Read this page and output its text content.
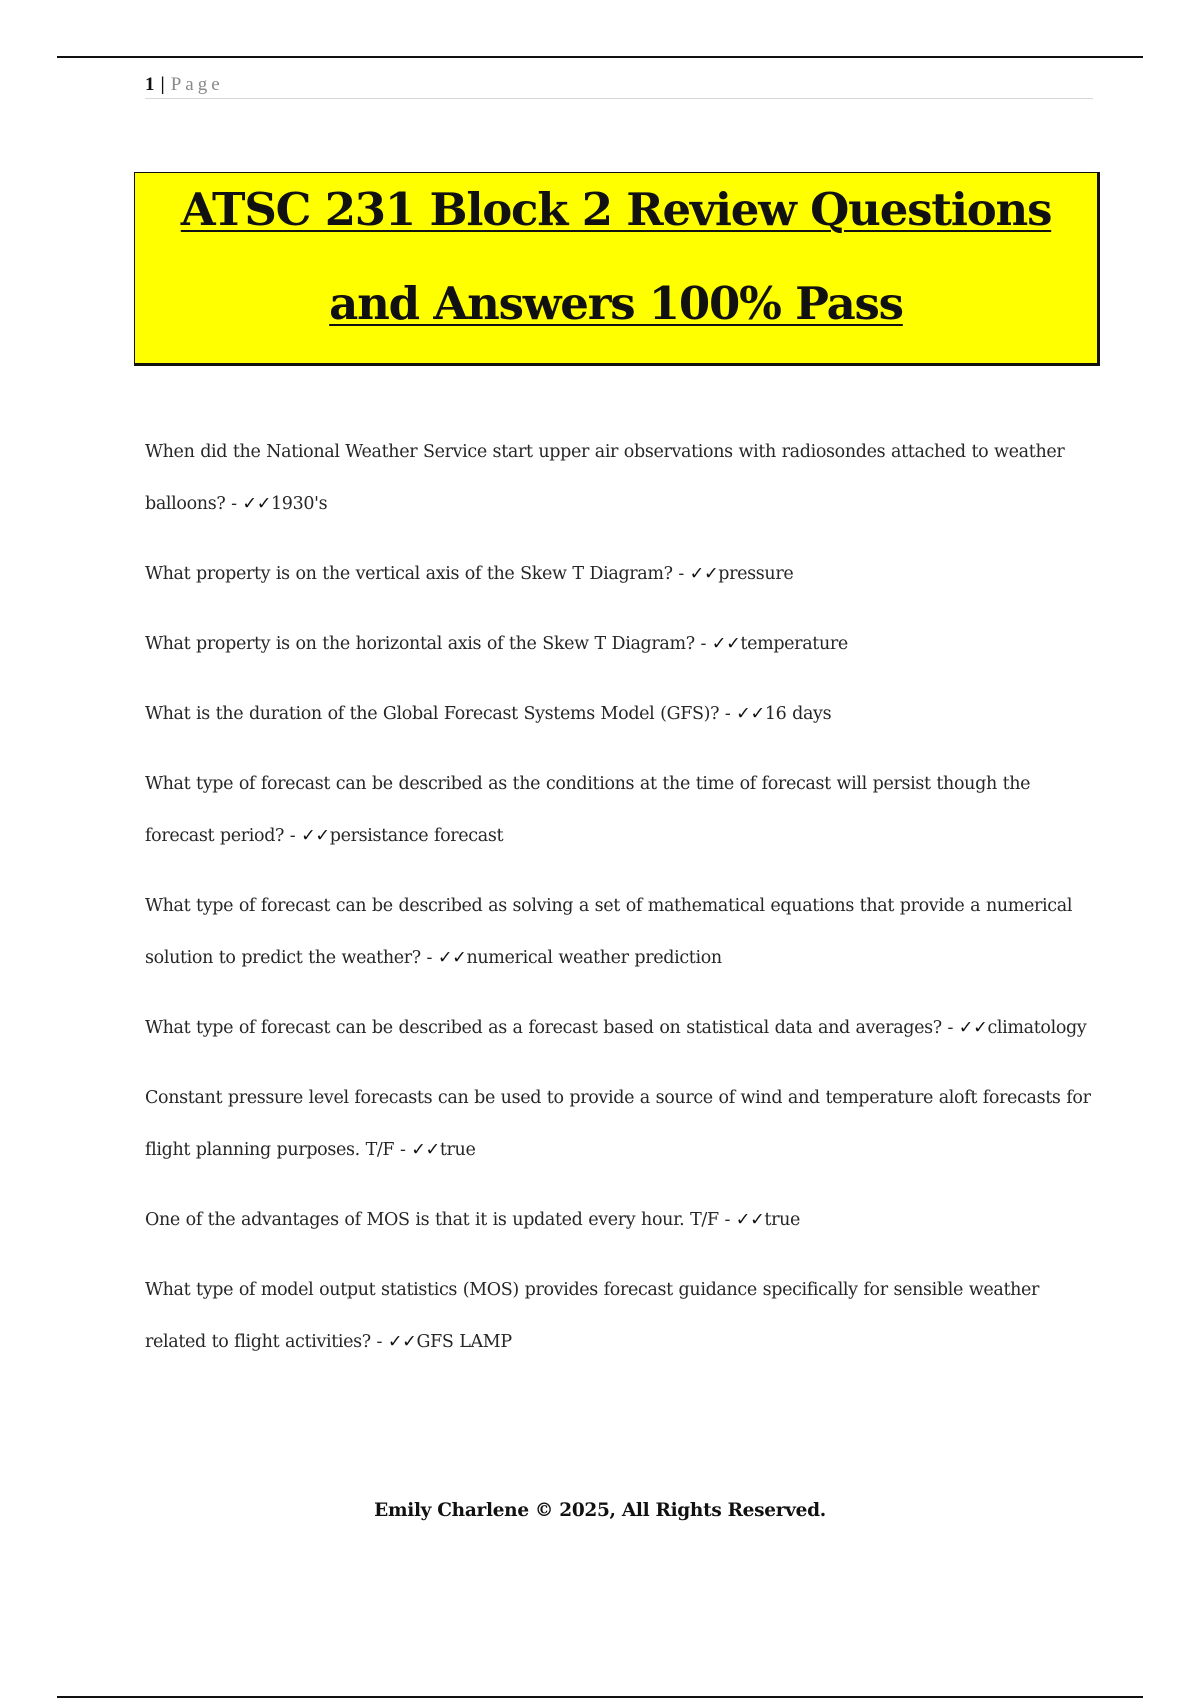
1 | Page
ATSC 231 Block 2 Review Questions
and Answers 100% Pass
When did the National Weather Service start upper air observations with radiosondes attached to weather balloons? - ✓✓1930's
What property is on the vertical axis of the Skew T Diagram? - ✓✓pressure
What property is on the horizontal axis of the Skew T Diagram? - ✓✓temperature
What is the duration of the Global Forecast Systems Model (GFS)? - ✓✓16 days
What type of forecast can be described as the conditions at the time of forecast will persist though the forecast period? - ✓✓persistance forecast
What type of forecast can be described as solving a set of mathematical equations that provide a numerical solution to predict the weather? - ✓✓numerical weather prediction
What type of forecast can be described as a forecast based on statistical data and averages? - ✓✓climatology
Constant pressure level forecasts can be used to provide a source of wind and temperature aloft forecasts for flight planning purposes. T/F - ✓✓true
One of the advantages of MOS is that it is updated every hour. T/F - ✓✓true
What type of model output statistics (MOS) provides forecast guidance specifically for sensible weather related to flight activities? - ✓✓GFS LAMP
Emily Charlene © 2025, All Rights Reserved.
